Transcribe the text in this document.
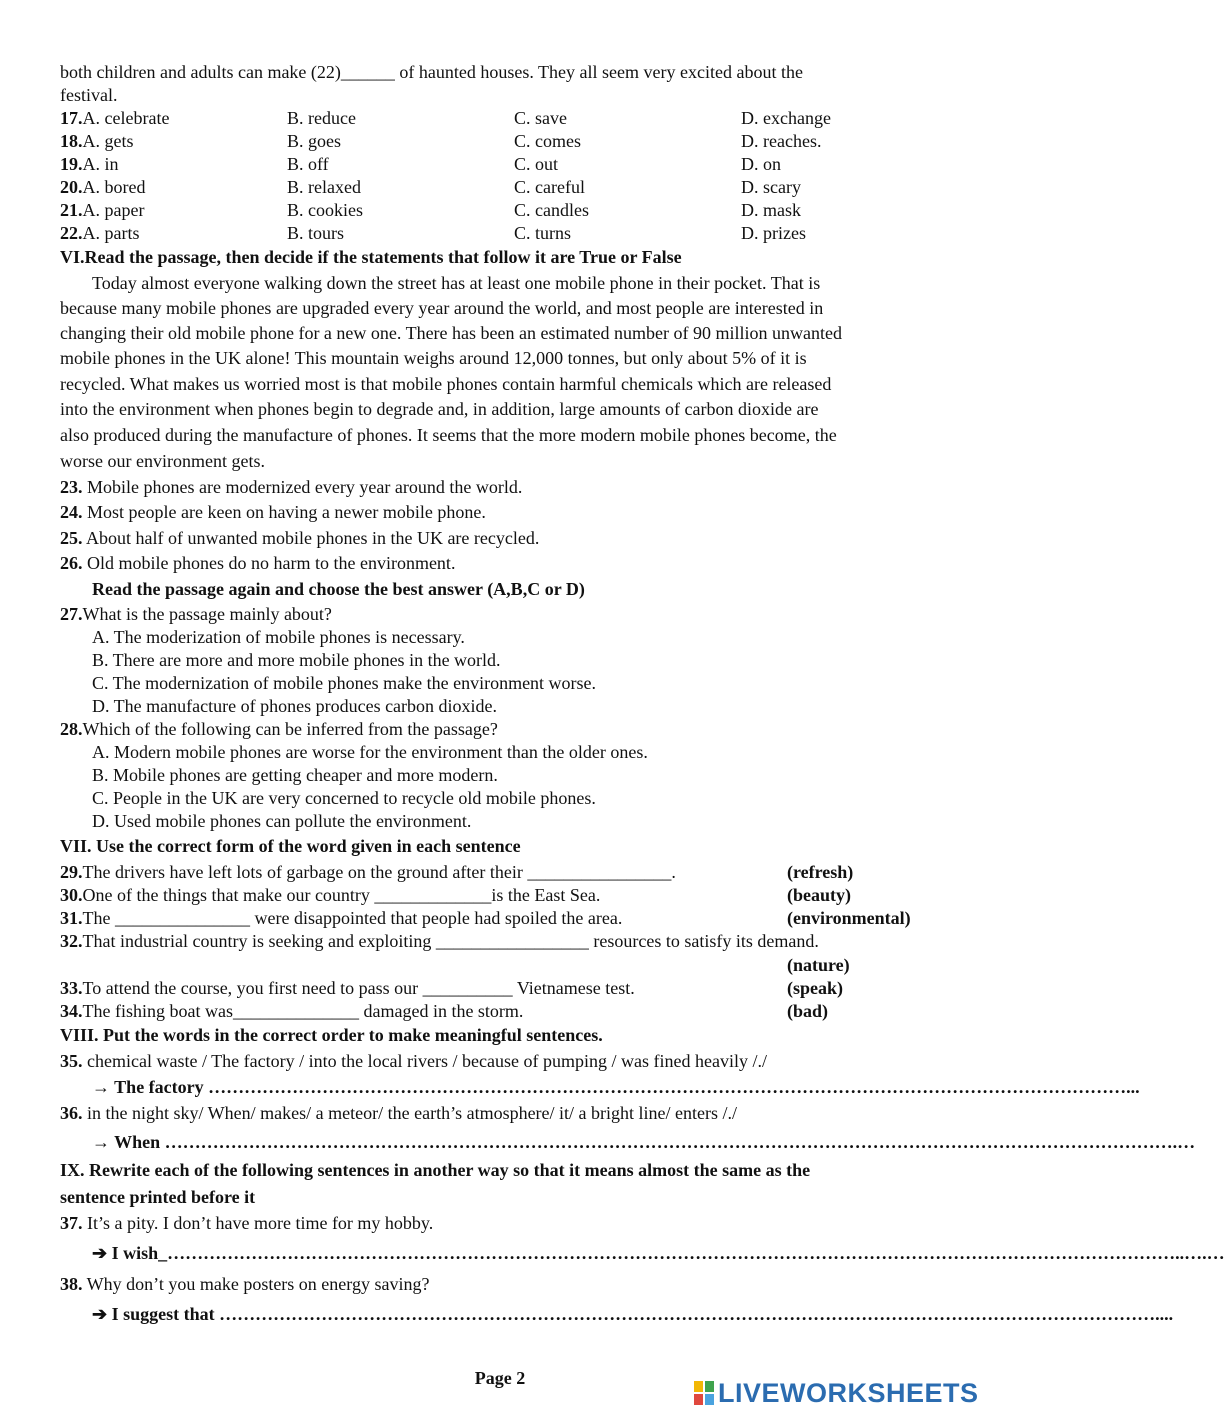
both children and adults can make (22)______ of haunted houses. They all seem very excited about the
festival.
17.A. celebrate	B. reduce	C. save	D. exchange
18.A. gets	B. goes	C. comes	D. reaches.
19.A. in	B. off	C. out	D. on
20.A. bored	B. relaxed	C. careful	D. scary
21.A. paper	B. cookies	C. candles	D. mask
22.A. parts	B. tours	C. turns	D. prizes
VI.Read the passage, then decide if the statements that follow it are True or False
Today almost everyone walking down the street has at least one mobile phone in their pocket. That is
because many mobile phones are upgraded every year around the world, and most people are interested in
changing their old mobile phone for a new one. There has been an estimated number of 90 million unwanted
mobile phones in the UK alone! This mountain weighs around 12,000 tonnes, but only about 5% of it is
recycled. What makes us worried most is that mobile phones contain harmful chemicals which are released
into the environment when phones begin to degrade and, in addition, large amounts of carbon dioxide are
also produced during the manufacture of phones. It seems that the more modern mobile phones become, the
worse our environment gets.
23. Mobile phones are modernized every year around the world.
24. Most people are keen on having a newer mobile phone.
25. About half of unwanted mobile phones in the UK are recycled.
26. Old mobile phones do no harm to the environment.
Read the passage again and choose the best answer (A,B,C or D)
27.What is the passage mainly about?
A. The moderization of mobile phones is necessary.
B. There are more and more mobile phones in the world.
C. The modernization of mobile phones make the environment worse.
D. The manufacture of phones produces carbon dioxide.
28.Which of the following can be inferred from the passage?
A. Modern mobile phones are worse for the environment than the older ones.
B. Mobile phones are getting cheaper and more modern.
C. People in the UK are very concerned to recycle old mobile phones.
D. Used mobile phones can pollute the environment.
VII. Use the correct form of the word given in each sentence
29.The drivers have left lots of garbage on the ground after their ________________.	(refresh)
30.One of the things that make our country _____________is the East Sea.	(beauty)
31.The _______________ were disappointed that people had spoiled the area.	(environmental)
32.That industrial country is seeking and exploiting _________________ resources to satisfy its demand.
(nature)
33.To attend the course, you first need to pass our __________ Vietnamese test.	(speak)
34.The fishing boat was______________ damaged in the storm.	(bad)
VIII. Put the words in the correct order to make meaningful sentences.
35. chemical waste / The factory / into the local rivers / because of pumping / was fined heavily /./
→ The factory ………………………………………………………………………………………………………………………………………...
36. in the night sky/ When/ makes/ a meteor/ the earth’s atmosphere/ it/ a bright line/ enters /./
→ When …………………………………………………………………………………………………………………………………………………….…
IX. Rewrite each of the following sentences in another way so that it means almost the same as the
sentence printed before it
37. It’s a pity. I don’t have more time for my hobby.
➔ I wish_……………………………………………………………………………………………………………………………………………………..….…
38. Why don’t you make posters on energy saving?
➔ I suggest that …………………………………………………………………………………………………………………………………………....
Page 2	LIVEWORKSHEETS
